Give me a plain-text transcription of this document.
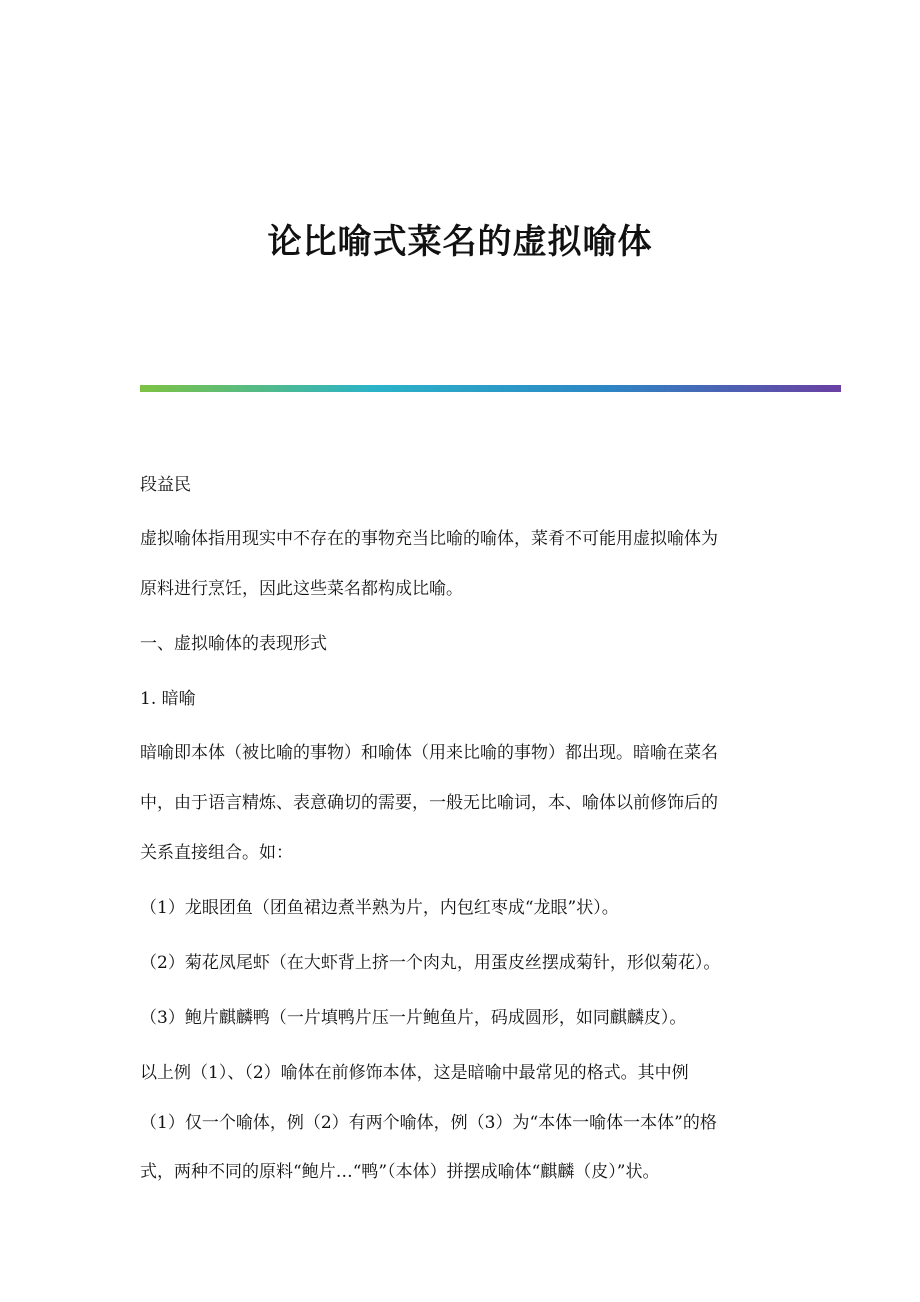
论比喻式菜名的虚拟喻体

段益民

虚拟喻体指用现实中不存在的事物充当比喻的喻体，菜肴不可能用虚拟喻体为

原料进行烹饪，因此这些菜名都构成比喻。

一、虚拟喻体的表现形式

1. 暗喻

暗喻即本体（被比喻的事物）和喻体（用来比喻的事物）都出现。暗喻在菜名

中，由于语言精炼、表意确切的需要，一般无比喻词，本、喻体以前修饰后的

关系直接组合。如：

（1）龙眼团鱼（团鱼裙边煮半熟为片，内包红枣成“龙眼”状）。

（2）菊花凤尾虾（在大虾背上挤一个肉丸，用蛋皮丝摆成菊针，形似菊花）。

（3）鲍片麒麟鸭（一片填鸭片压一片鲍鱼片，码成圆形，如同麒麟皮）。

以上例（1）、（2）喻体在前修饰本体，这是暗喻中最常见的格式。其中例

（1）仅一个喻体，例（2）有两个喻体，例（3）为“本体一喻体一本体”的格

式，两种不同的原料“鲍片…“鸭”（本体）拼摆成喻体“麒麟（皮）”状。
